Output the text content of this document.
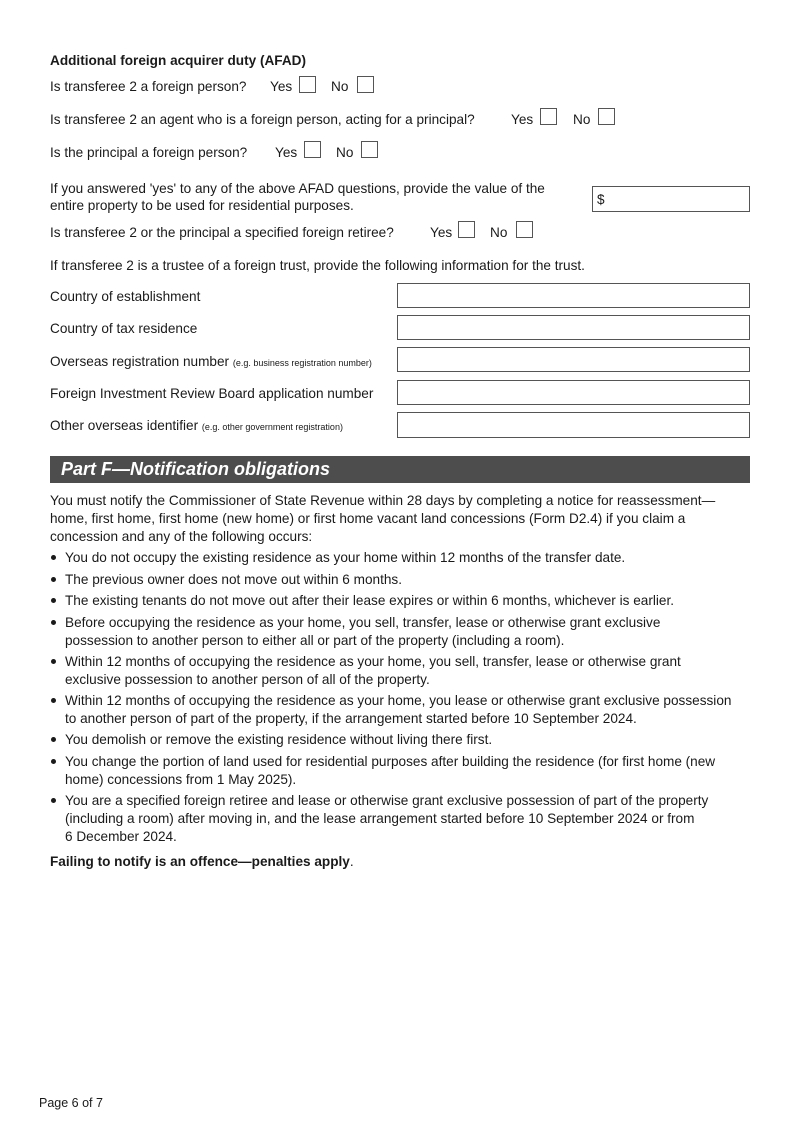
Additional foreign acquirer duty (AFAD)
Is transferee 2 a foreign person? Yes	No
Is transferee 2 an agent who is a foreign person, acting for a principal?	Yes	No
Is the principal a foreign person? Yes	No
If you answered 'yes' to any of the above AFAD questions, provide the value of the
entire property to be used for residential purposes.	$
Is transferee 2 or the principal a specified foreign retiree?	Yes	No
If transferee 2 is a trustee of a foreign trust, provide the following information for the trust.
Country of establishment
Country of tax residence
Overseas registration number (e.g. business registration number)
Foreign Investment Review Board application number
Other overseas identifier (e.g. other government registration)
Part F—Notification obligations
You must notify the Commissioner of State Revenue within 28 days by completing a notice for reassessment—
home, first home, first home (new home) or first home vacant land concessions (Form D2.4) if you claim a
concession and any of the following occurs:
You do not occupy the existing residence as your home within 12 months of the transfer date.
The previous owner does not move out within 6 months.
The existing tenants do not move out after their lease expires or within 6 months, whichever is earlier.
Before occupying the residence as your home, you sell, transfer, lease or otherwise grant exclusive
possession to another person to either all or part of the property (including a room).
Within 12 months of occupying the residence as your home, you sell, transfer, lease or otherwise grant
exclusive possession to another person of all of the property.
Within 12 months of occupying the residence as your home, you lease or otherwise grant exclusive possession
to another person of part of the property, if the arrangement started before 10 September 2024.
You demolish or remove the existing residence without living there first.
You change the portion of land used for residential purposes after building the residence (for first home (new
home) concessions from 1 May 2025).
You are a specified foreign retiree and lease or otherwise grant exclusive possession of part of the property
(including a room) after moving in, and the lease arrangement started before 10 September 2024 or from
6 December 2024.
Failing to notify is an offence—penalties apply.
Page 6 of 7
